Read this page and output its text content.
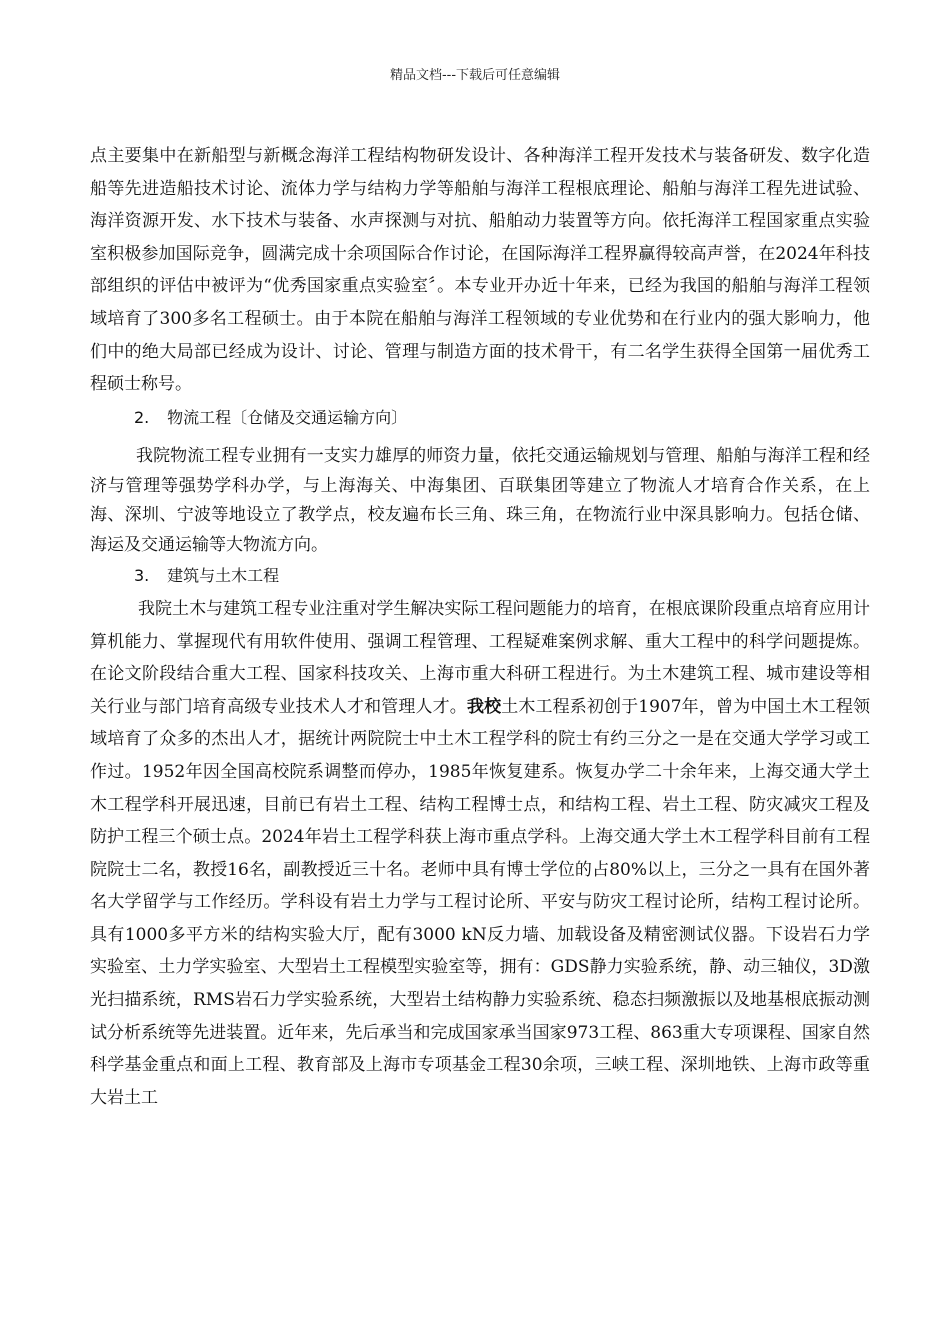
精品文档---下载后可任意编辑

点主要集中在新船型与新概念海洋工程结构物研发设计、各种海洋工程开发技术与装备研发、数字化造船等先进造船技术讨论、流体力学与结构力学等船舶与海洋工程根底理论、船舶与海洋工程先进试验、海洋资源开发、水下技术与装备、水声探测与对抗、船舶动力装置等方向。依托海洋工程国家重点实验室积极参加国际竞争，圆满完成十余项国际合作讨论，在国际海洋工程界赢得较高声誉，在2024年科技部组织的评估中被评为“优秀国家重点实验室〞。本专业开办近十年来，已经为我国的船舶与海洋工程领域培育了300多名工程硕士。由于本院在船舶与海洋工程领域的专业优势和在行业内的强大影响力，他们中的绝大局部已经成为设计、讨论、管理与制造方面的技术骨干，有二名学生获得全国第一届优秀工程硕士称号。

2. 物流工程〔仓储及交通运输方向〕

我院物流工程专业拥有一支实力雄厚的师资力量，依托交通运输规划与管理、船舶与海洋工程和经济与管理等强势学科办学，与上海海关、中海集团、百联集团等建立了物流人才培育合作关系，在上海、深圳、宁波等地设立了教学点，校友遍布长三角、珠三角，在物流行业中深具影响力。包括仓储、海运及交通运输等大物流方向。

3. 建筑与土木工程

我院土木与建筑工程专业注重对学生解决实际工程问题能力的培育，在根底课阶段重点培育应用计算机能力、掌握现代有用软件使用、强调工程管理、工程疑难案例求解、重大工程中的科学问题提炼。在论文阶段结合重大工程、国家科技攻关、上海市重大科研工程进行。为土木建筑工程、城市建设等相关行业与部门培育高级专业技术人才和管理人才。我校土木工程系初创于1907年，曾为中国土木工程领域培育了众多的杰出人才，据统计两院院士中土木工程学科的院士有约三分之一是在交通大学学习或工作过。1952年因全国高校院系调整而停办，1985年恢复建系。恢复办学二十余年来，上海交通大学土木工程学科开展迅速，目前已有岩土工程、结构工程博士点，和结构工程、岩土工程、防灾减灾工程及防护工程三个硕士点。2024年岩土工程学科获上海市重点学科。上海交通大学土木工程学科目前有工程院院士二名，教授16名，副教授近三十名。老师中具有博士学位的占80%以上，三分之一具有在国外著名大学留学与工作经历。学科设有岩土力学与工程讨论所、平安与防灾工程讨论所，结构工程讨论所。具有1000多平方米的结构实验大厅，配有3000 kN反力墙、加载设备及精密测试仪器。下设岩石力学实验室、土力学实验室、大型岩土工程模型实验室等，拥有：GDS静力实验系统，静、动三轴仪，3D激光扫描系统，RMS岩石力学实验系统，大型岩土结构静力实验系统、稳态扫频激振以及地基根底振动测试分析系统等先进装置。近年来，先后承当和完成国家承当国家973工程、863重大专项课程、国家自然科学基金重点和面上工程、教育部及上海市专项基金工程30余项，三峡工程、深圳地铁、上海市政等重大岩土工
